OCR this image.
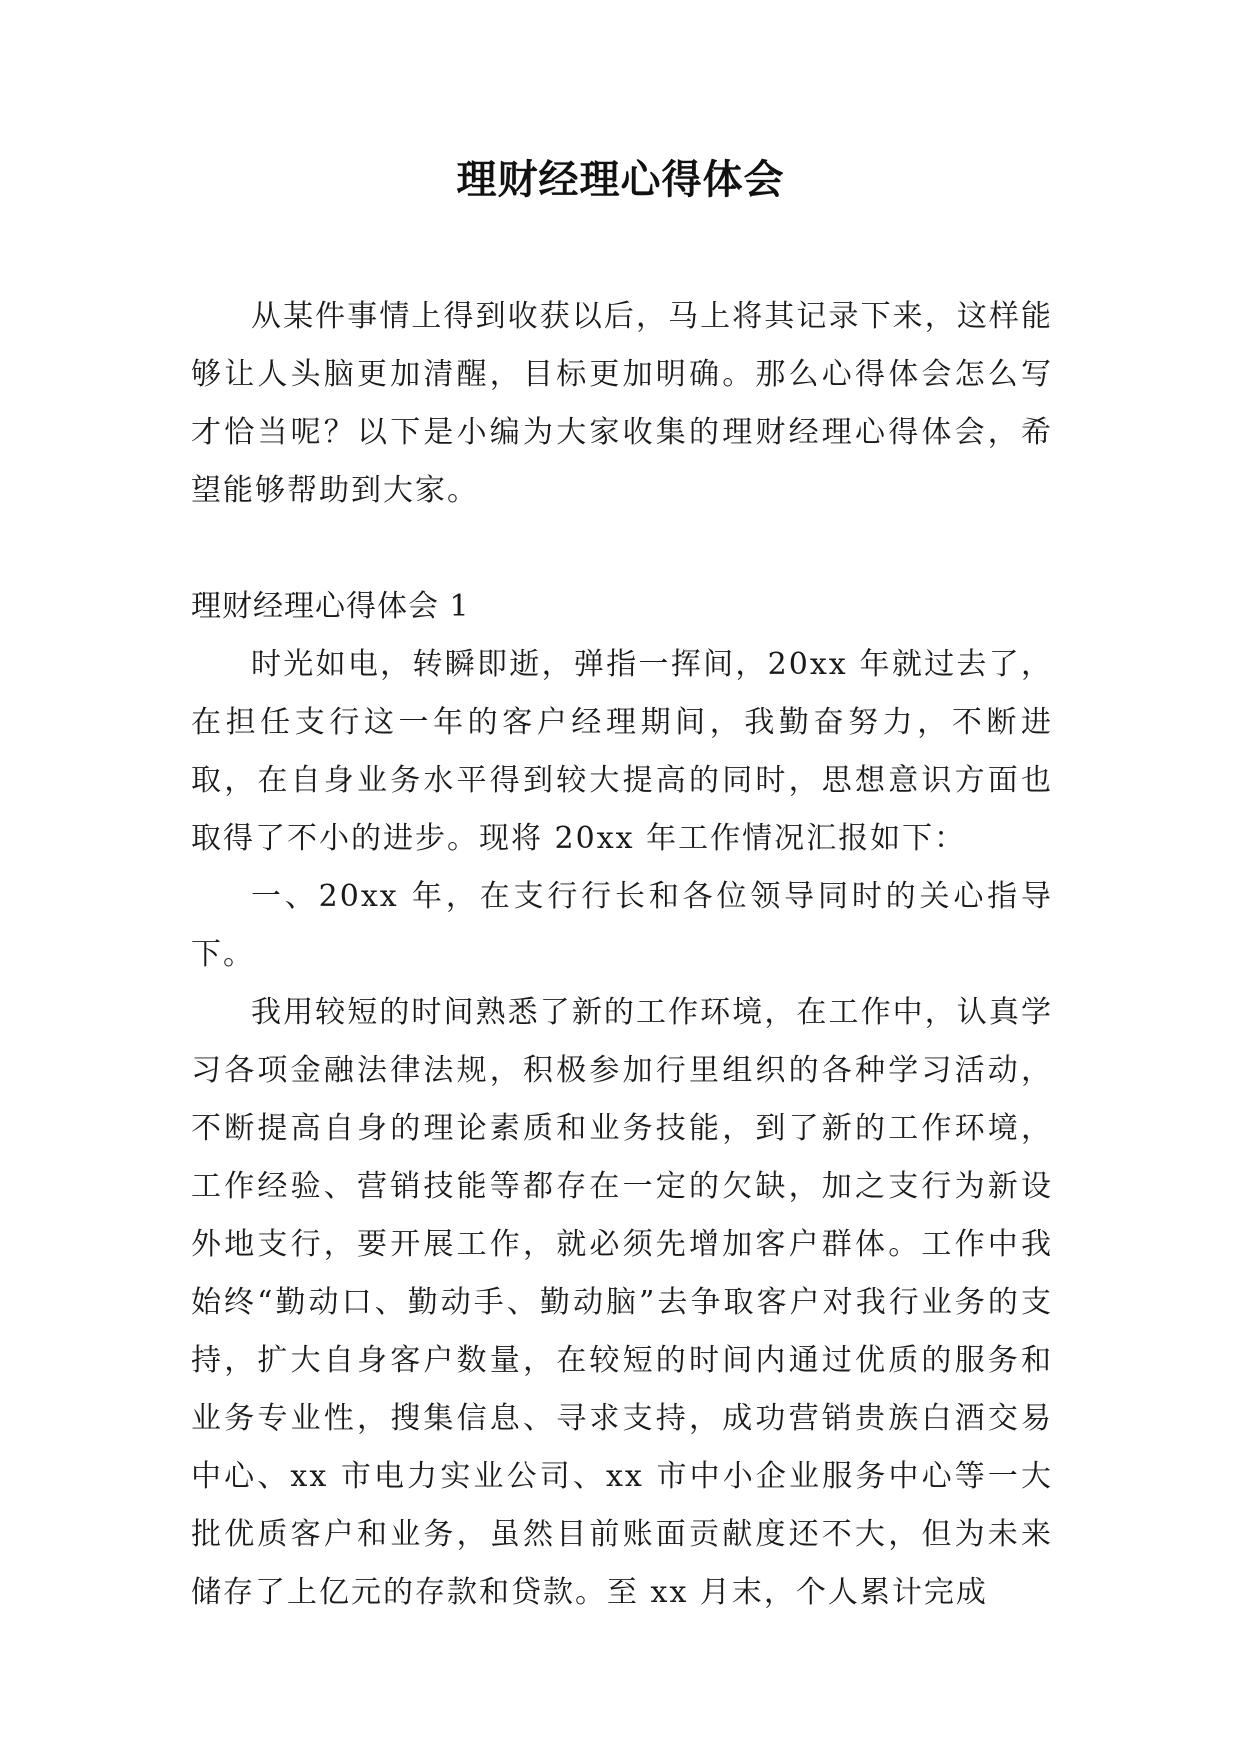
理财经理心得体会

从某件事情上得到收获以后，马上将其记录下来，这样能够让人头脑更加清醒，目标更加明确。那么心得体会怎么写才恰当呢？以下是小编为大家收集的理财经理心得体会，希望能够帮助到大家。

理财经理心得体会 1

时光如电，转瞬即逝，弹指一挥间，20xx 年就过去了，在担任支行这一年的客户经理期间，我勤奋努力，不断进取，在自身业务水平得到较大提高的同时，思想意识方面也取得了不小的进步。现将 20xx 年工作情况汇报如下：

一、20xx 年，在支行行长和各位领导同时的关心指导下。

我用较短的时间熟悉了新的工作环境，在工作中，认真学习各项金融法律法规，积极参加行里组织的各种学习活动，不断提高自身的理论素质和业务技能，到了新的工作环境，工作经验、营销技能等都存在一定的欠缺，加之支行为新设外地支行，要开展工作，就必须先增加客户群体。工作中我始终“勤动口、勤动手、勤动脑”去争取客户对我行业务的支持，扩大自身客户数量，在较短的时间内通过优质的服务和业务专业性，搜集信息、寻求支持，成功营销贵族白酒交易中心、xx 市电力实业公司、xx 市中小企业服务中心等一大批优质客户和业务，虽然目前账面贡献度还不大，但为未来储存了上亿元的存款和贷款。至 xx 月末，个人累计完成
